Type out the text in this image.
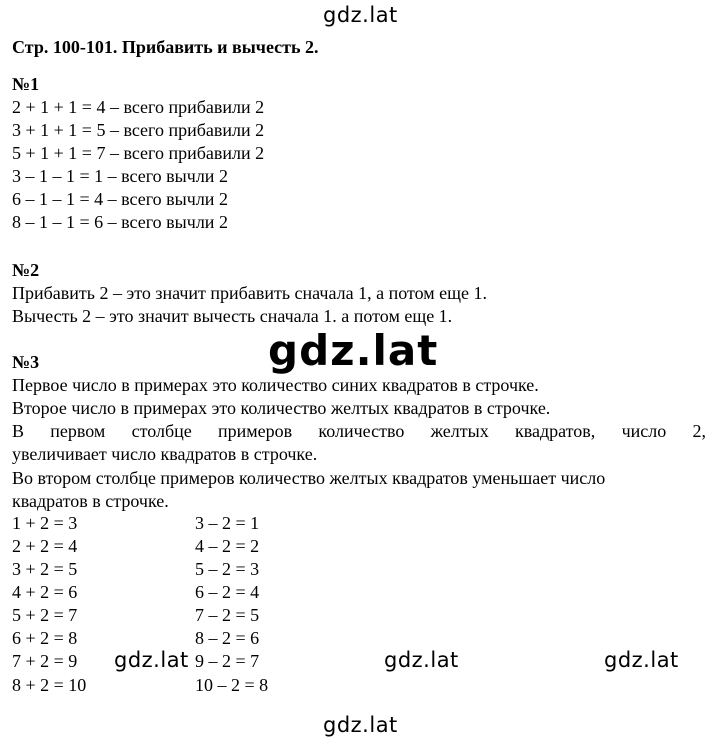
gdz.lat
Стр. 100-101. Прибавить и вычесть 2.
№1
2 + 1 + 1 = 4 – всего прибавили 2
3 + 1 + 1 = 5 – всего прибавили 2
5 + 1 + 1 = 7 – всего прибавили 2
3 – 1 – 1 = 1 – всего вычли 2
6 – 1 – 1 = 4 – всего вычли 2
8 – 1 – 1 = 6 – всего вычли 2
№2
Прибавить 2 – это значит прибавить сначала 1, а потом еще 1.
Вычесть 2 – это значит вычесть сначала 1. а потом еще 1.
gdz.lat
№3
Первое число в примерах это количество синих квадратов в строчке.
Второе число в примерах это количество желтых квадратов в строчке.
В первом столбце примеров количество желтых квадратов, число 2,
увеличивает число квадратов в строчке.
Во втором столбце примеров количество желтых квадратов уменьшает число
квадратов в строчке.
1 + 2 = 3
2 + 2 = 4
3 + 2 = 5
4 + 2 = 6
5 + 2 = 7
6 + 2 = 8
7 + 2 = 9
8 + 2 = 10
3 – 2 = 1
4 – 2 = 2
5 – 2 = 3
6 – 2 = 4
7 – 2 = 5
8 – 2 = 6
9 – 2 = 7
10 – 2 = 8
gdz.lat	gdz.lat	gdz.lat
gdz.lat
